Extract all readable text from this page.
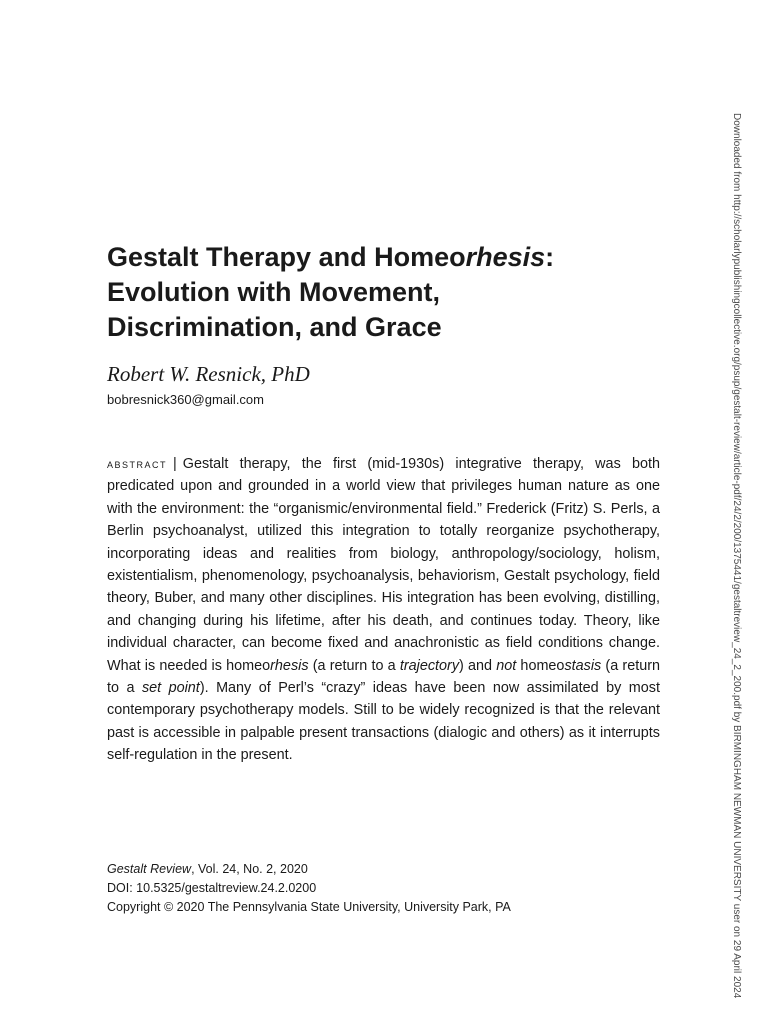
Gestalt Therapy and Homeorhesis:
Evolution with Movement,
Discrimination, and Grace
Robert W. Resnick, PhD
bobresnick360@gmail.com

abstract | Gestalt therapy, the first (mid-1930s) integrative therapy, was both predicated upon and grounded in a world view that privileges human nature as one with the environment: the “organismic/environmental field.” Frederick (Fritz) S. Perls, a Berlin psychoanalyst, utilized this integration to totally reorganize psychotherapy, incorporating ideas and realities from biology, anthropology/sociology, holism, existentialism, phenomenology, psychoanalysis, behaviorism, Gestalt psychology, field theory, Buber, and many other disciplines. His integration has been evolving, distilling, and changing during his lifetime, after his death, and continues today. Theory, like individual character, can become fixed and anachronistic as field conditions change. What is needed is homeorhesis (a return to a trajectory) and not homeostasis (a return to a set point). Many of Perl’s “crazy” ideas have been now assimilated by most contemporary psychotherapy models. Still to be widely recognized is that the relevant past is accessible in palpable present transactions (dialogic and others) as it interrupts self-regulation in the present.

Gestalt Review, Vol. 24, No. 2, 2020
DOI: 10.5325/gestaltreview.24.2.0200
Copyright © 2020 The Pennsylvania State University, University Park, PA	Downloaded from http://scholarlypublishingcollective.org/psup/gestalt-review/article-pdf/24/2/200/1375441/gestaltreview_24_2_200.pdf by BIRMINGHAM NEWMAN UNIVERSITY user on 29 April 2024
